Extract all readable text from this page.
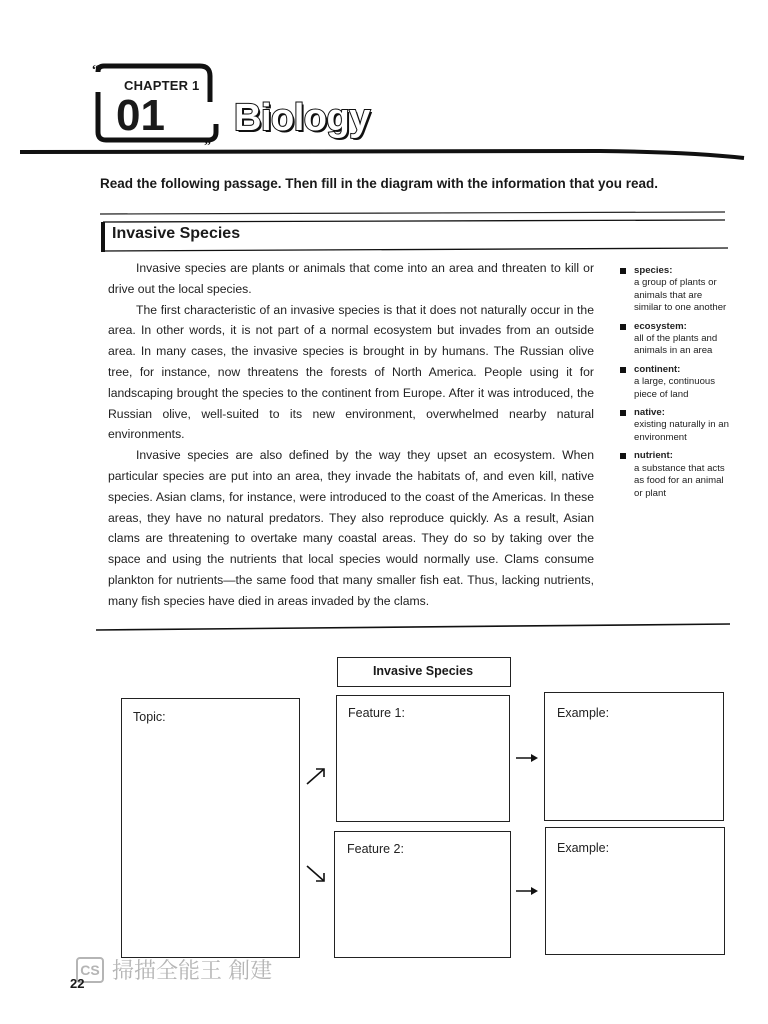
“
”
CHAPTER 1
01 Biology
Read the following passage. Then fill in the diagram with the information that you read.
Invasive Species

Invasive species are plants or animals that come into an area and threaten to kill or drive out the local species.

The first characteristic of an invasive species is that it does not naturally occur in the area. In other words, it is not part of a normal ecosystem but invades from an outside area. In many cases, the invasive species is brought in by humans. The Russian olive tree, for instance, now threatens the forests of North America. People using it for landscaping brought the species to the continent from Europe. After it was introduced, the Russian olive, well-suited to its new environment, overwhelmed nearby natural environments.

Invasive species are also defined by the way they upset an ecosystem. When particular species are put into an area, they invade the habitats of, and even kill, native species. Asian clams, for instance, were introduced to the coast of the Americas. In these areas, they have no natural predators. They also reproduce quickly. As a result, Asian clams are threatening to overtake many coastal areas. They do so by taking over the space and using the nutrients that local species would normally use. Clams consume plankton for nutrients—the same food that many smaller fish eat. Thus, lacking nutrients, many fish species have died in areas invaded by the clams.

species:
a group of plants or animals that are similar to one another
ecosystem:
all of the plants and animals in an area
continent:
a large, continuous piece of land
native:
existing naturally in an environment
nutrient:
a substance that acts as food for an animal or plant
Invasive Species
Topic:	Feature 1:	Example:
Feature 2:	Example:
CS 掃描全能王 創建
22
